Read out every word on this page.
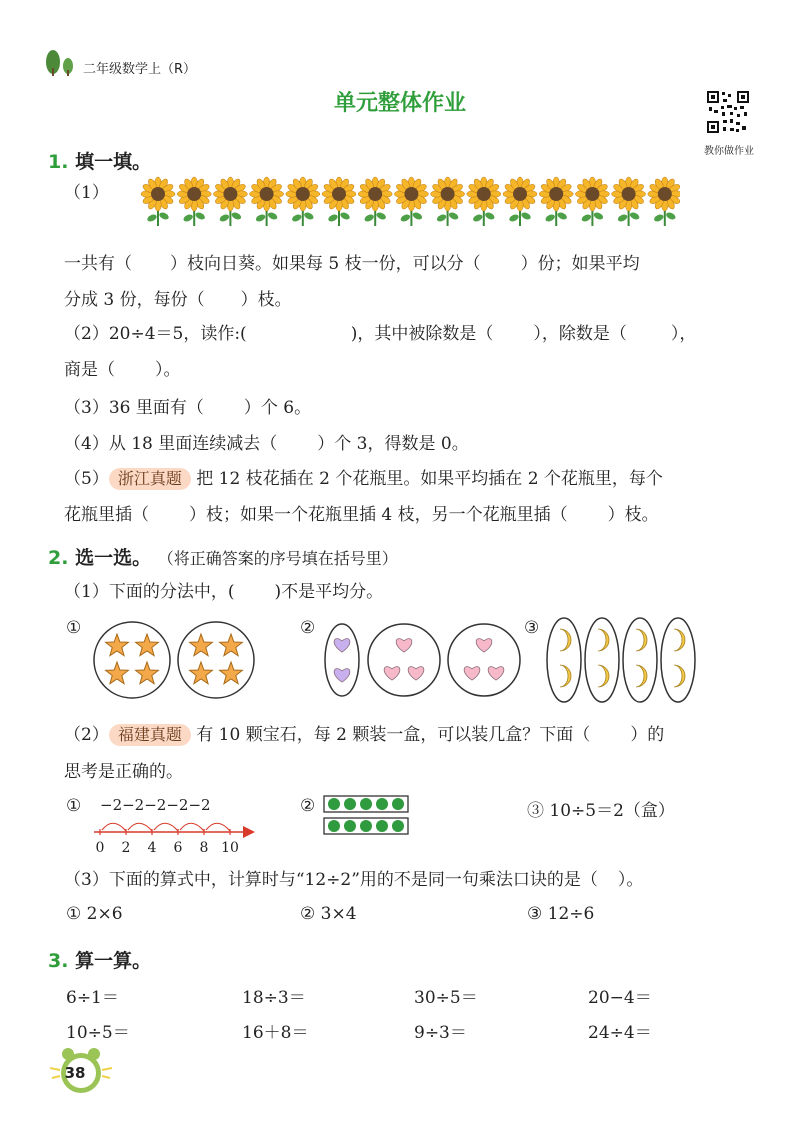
二年级数学上（R）
单元整体作业
教你做作业
1. 填一填。
（1）
一共有（ ）枝向日葵。如果每 5 枝一份，可以分（ ）份；如果平均
分成 3 份，每份（ ）枝。
（2）20÷4＝5，读作:(	)，其中被除数是（ ），除数是（	），
商是（ ）。
（3）36 里面有（ ）个 6。
（4）从 18 里面连续减去（ ）个 3，得数是 0。
（5） 浙江真题 把 12 枝花插在 2 个花瓶里。如果平均插在 2 个花瓶里，每个
花瓶里插（ ）枝；如果一个花瓶里插 4 枝，另一个花瓶里插（ ）枝。
2. 选一选。 （将正确答案的序号填在括号里）
（1）下面的分法中，( )不是平均分。
①	②	③
（2） 福建真题 有 10 颗宝石，每 2 颗装一盒，可以装几盒？下面（ ）的
思考是正确的。
① −2−2−2−2−2
0 2 4 6 8 10
②	③ 10÷5＝2（盒）
（3）下面的算式中，计算时与“12÷2”用的不是同一句乘法口诀的是（ ）。
① 2×6	② 3×4	③ 12÷6
3. 算一算。
6÷1＝	18÷3＝	30÷5＝	20−4＝
10÷5＝	16＋8＝	9÷3＝	24÷4＝
38
